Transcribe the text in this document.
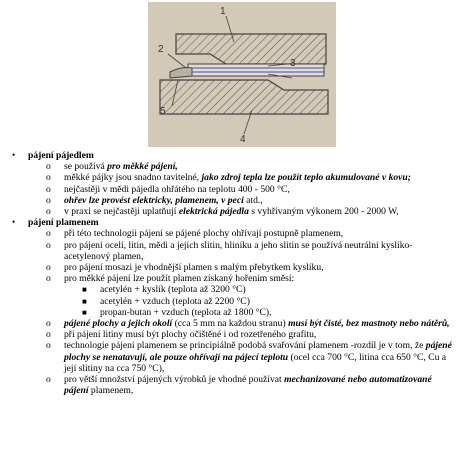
1
2
3
4
5

• pájení pájedlem

o se používá pro měkké pájení,

o měkké pájky jsou snadno tavitelné, jako zdroj tepla lze použít teplo akumulované v kovu;

o nejčastěji v mědi pájedla ohřátého na teplotu 400 - 500 °C,

o ohřev lze provést elektricky, plamenem, v peci atd.,

o v praxi se nejčastěji uplatňují elektrická pájedla s vyhřívaným výkonem 200 - 2000 W,

• pájení plamenem

o při této technologii pájení se pájené plochy ohřívají postupně plamenem,

o pro pájení ocelí, litin, mědi a jejích slitin, hliníku a jeho slitin se používá neutrální kyslíko-acetylenový plamen,

o pro pájení mosazi je vhodnější plamen s malým přebytkem kyslíku,

o pro měkké pájení lze použít plamen získaný hořením směsí:

■ acetylén + kyslík (teplota až 3200 °C)

■ acetylén + vzduch (teplota až 2200 °C)

■ propan-butan + vzduch (teplota až 1800 °C),

o pájené plochy a jejich okolí (cca 5 mm na každou stranu) musí být čisté, bez mastnoty nebo nátěrů,

o při pájení litiny musí být plochy očištěné i od rozetřeného grafitu,

o technologie pájení plamenem se principiálně podobá svařování plamenem -rozdíl je v tom, že pájené plochy se nenatavují, ale pouze ohřívají na pájecí teplotu (ocel cca 700 °C, litina cca 650 °C, Cu a její slitiny na cca 750 °C),

o pro větší množství pájených výrobků je vhodné používat mechanizované nebo automatizované pájení plamenem,
